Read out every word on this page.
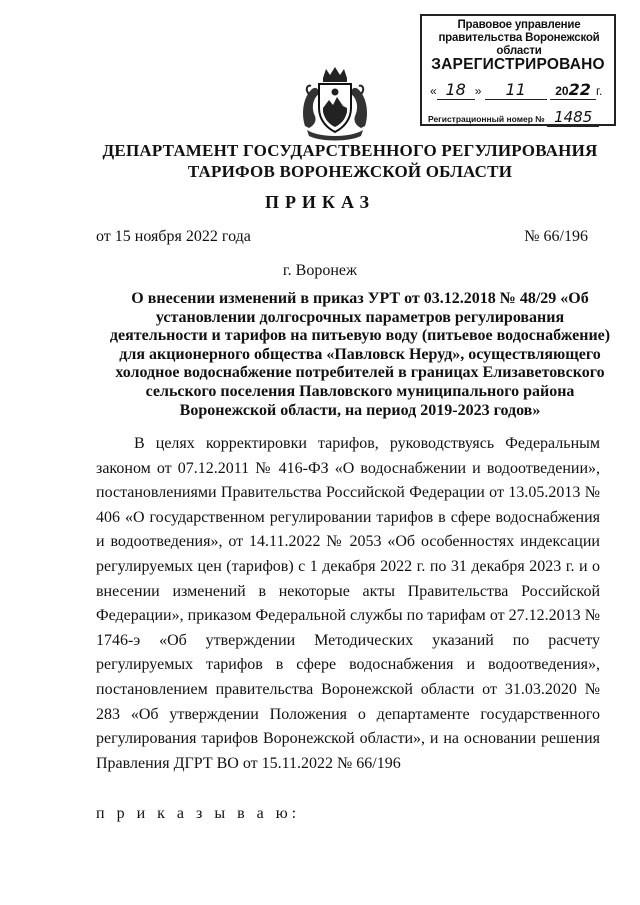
Правовое управление правительства Воронежской области
ЗАРЕГИСТРИРОВАНО
« 18 » 11 2022 г.
Регистрационный номер № 1485
ДЕПАРТАМЕНТ ГОСУДАРСТВЕННОГО РЕГУЛИРОВАНИЯ ТАРИФОВ ВОРОНЕЖСКОЙ ОБЛАСТИ
ПРИКАЗ
от 15 ноября 2022 года	№ 66/196
г. Воронеж
О внесении изменений в приказ УРТ от 03.12.2018 № 48/29 «Об установлении долгосрочных параметров регулирования деятельности и тарифов на питьевую воду (питьевое водоснабжение) для акционерного общества «Павловск Неруд», осуществляющего холодное водоснабжение потребителей в границах Елизаветовского сельского поселения Павловского муниципального района Воронежской области, на период 2019-2023 годов»
В целях корректировки тарифов, руководствуясь Федеральным законом от 07.12.2011 № 416-ФЗ «О водоснабжении и водоотведении», постановлениями Правительства Российской Федерации от 13.05.2013 № 406 «О государственном регулировании тарифов в сфере водоснабжения и водоотведения», от 14.11.2022 № 2053 «Об особенностях индексации регулируемых цен (тарифов) с 1 декабря 2022 г. по 31 декабря 2023 г. и о внесении изменений в некоторые акты Правительства Российской Федерации», приказом Федеральной службы по тарифам от 27.12.2013 № 1746-э «Об утверждении Методических указаний по расчету регулируемых тарифов в сфере водоснабжения и водоотведения», постановлением правительства Воронежской области от 31.03.2020 № 283 «Об утверждении Положения о департаменте государственного регулирования тарифов Воронежской области», и на основании решения Правления ДГРТ ВО от 15.11.2022 № 66/196
п р и к а з ы в а ю:
